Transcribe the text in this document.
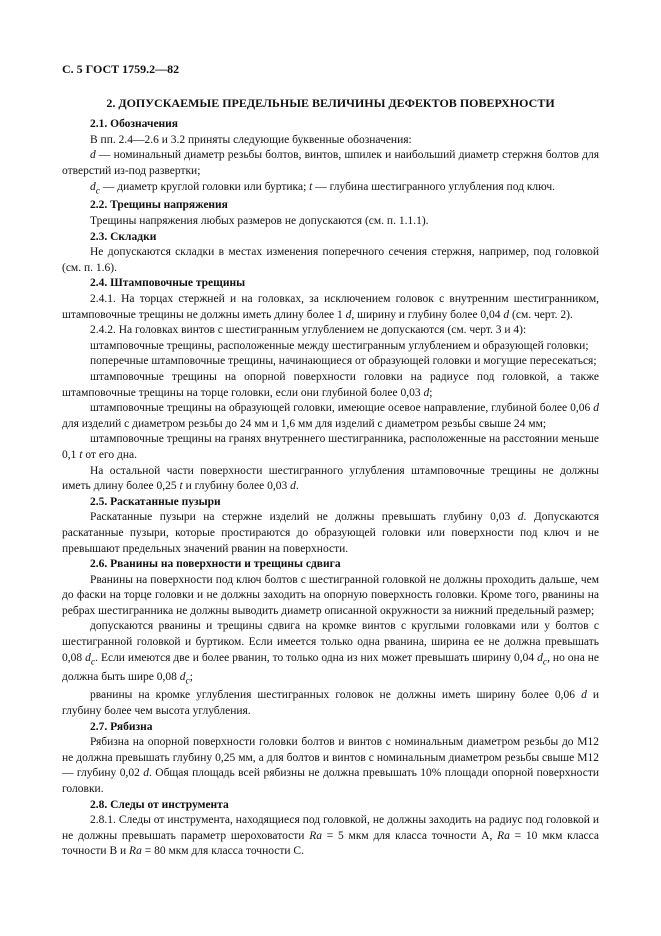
С. 5 ГОСТ 1759.2—82
2. ДОПУСКАЕМЫЕ ПРЕДЕЛЬНЫЕ ВЕЛИЧИНЫ ДЕФЕКТОВ ПОВЕРХНОСТИ
2.1. Обозначения

В пп. 2.4—2.6 и 3.2 приняты следующие буквенные обозначения:

d — номинальный диаметр резьбы болтов, винтов, шпилек и наибольший диаметр стержня болтов для отверстий из-под развертки;

$d_c$ — диаметр круглой головки или буртика; t — глубина шестигранного углубления под ключ.

2.2. Трещины напряжения

Трещины напряжения любых размеров не допускаются (см. п. 1.1.1).

2.3. Складки

Не допускаются складки в местах изменения поперечного сечения стержня, например, под головкой (см. п. 1.6).

2.4. Штамповочные трещины

2.4.1. На торцах стержней и на головках, за исключением головок с внутренним шестигранником, штамповочные трещины не должны иметь длину более 1 d, ширину и глубину более 0,04 d (см. черт. 2).

2.4.2. На головках винтов с шестигранным углублением не допускаются (см. черт. 3 и 4):

штамповочные трещины, расположенные между шестигранным углублением и образующей головки;

поперечные штамповочные трещины, начинающиеся от образующей головки и могущие пересекаться;

штамповочные трещины на опорной поверхности головки на радиусе под головкой, а также штамповочные трещины на торце головки, если они глубиной более 0,03 d;

штамповочные трещины на образующей головки, имеющие осевое направление, глубиной более 0,06 d для изделий с диаметром резьбы до 24 мм и 1,6 мм для изделий с диаметром резьбы свыше 24 мм;

штамповочные трещины на гранях внутреннего шестигранника, расположенные на расстоянии меньше 0,1 t от его дна.

На остальной части поверхности шестигранного углубления штамповочные трещины не должны иметь длину более 0,25 t и глубину более 0,03 d.

2.5. Раскатанные пузыри

Раскатанные пузыри на стержне изделий не должны превышать глубину 0,03 d. Допускаются раскатанные пузыри, которые простираются до образующей головки или поверхности под ключ и не превышают предельных значений рванин на поверхности.

2.6. Рванины на поверхности и трещины сдвига

Рванины на поверхности под ключ болтов с шестигранной головкой не должны проходить дальше, чем до фаски на торце головки и не должны заходить на опорную поверхность головки. Кроме того, рванины на ребрах шестигранника не должны выводить диаметр описанной окружности за нижний предельный размер;

допускаются рванины и трещины сдвига на кромке винтов с круглыми головками или у болтов с шестигранной головкой и буртиком. Если имеется только одна рванина, ширина ее не должна превышать 0,08 $d_c$. Если имеются две и более рванин, то только одна из них может превышать ширину 0,04 $d_c$, но она не должна быть шире 0,08 $d_c$;

рванины на кромке углубления шестигранных головок не должны иметь ширину более 0,06 d и глубину более чем высота углубления.

2.7. Рябизна

Рябизна на опорной поверхности головки болтов и винтов с номинальным диаметром резьбы до М12 не должна превышать глубину 0,25 мм, а для болтов и винтов с номинальным диаметром резьбы свыше М12 — глубину 0,02 d. Общая площадь всей рябизны не должна превышать 10% площади опорной поверхности головки.

2.8. Следы от инструмента

2.8.1. Следы от инструмента, находящиеся под головкой, не должны заходить на радиус под головкой и не должны превышать параметр шероховатости Ra = 5 мкм для класса точности А, Ra = 10 мкм класса точности В и Ra = 80 мкм для класса точности С.
